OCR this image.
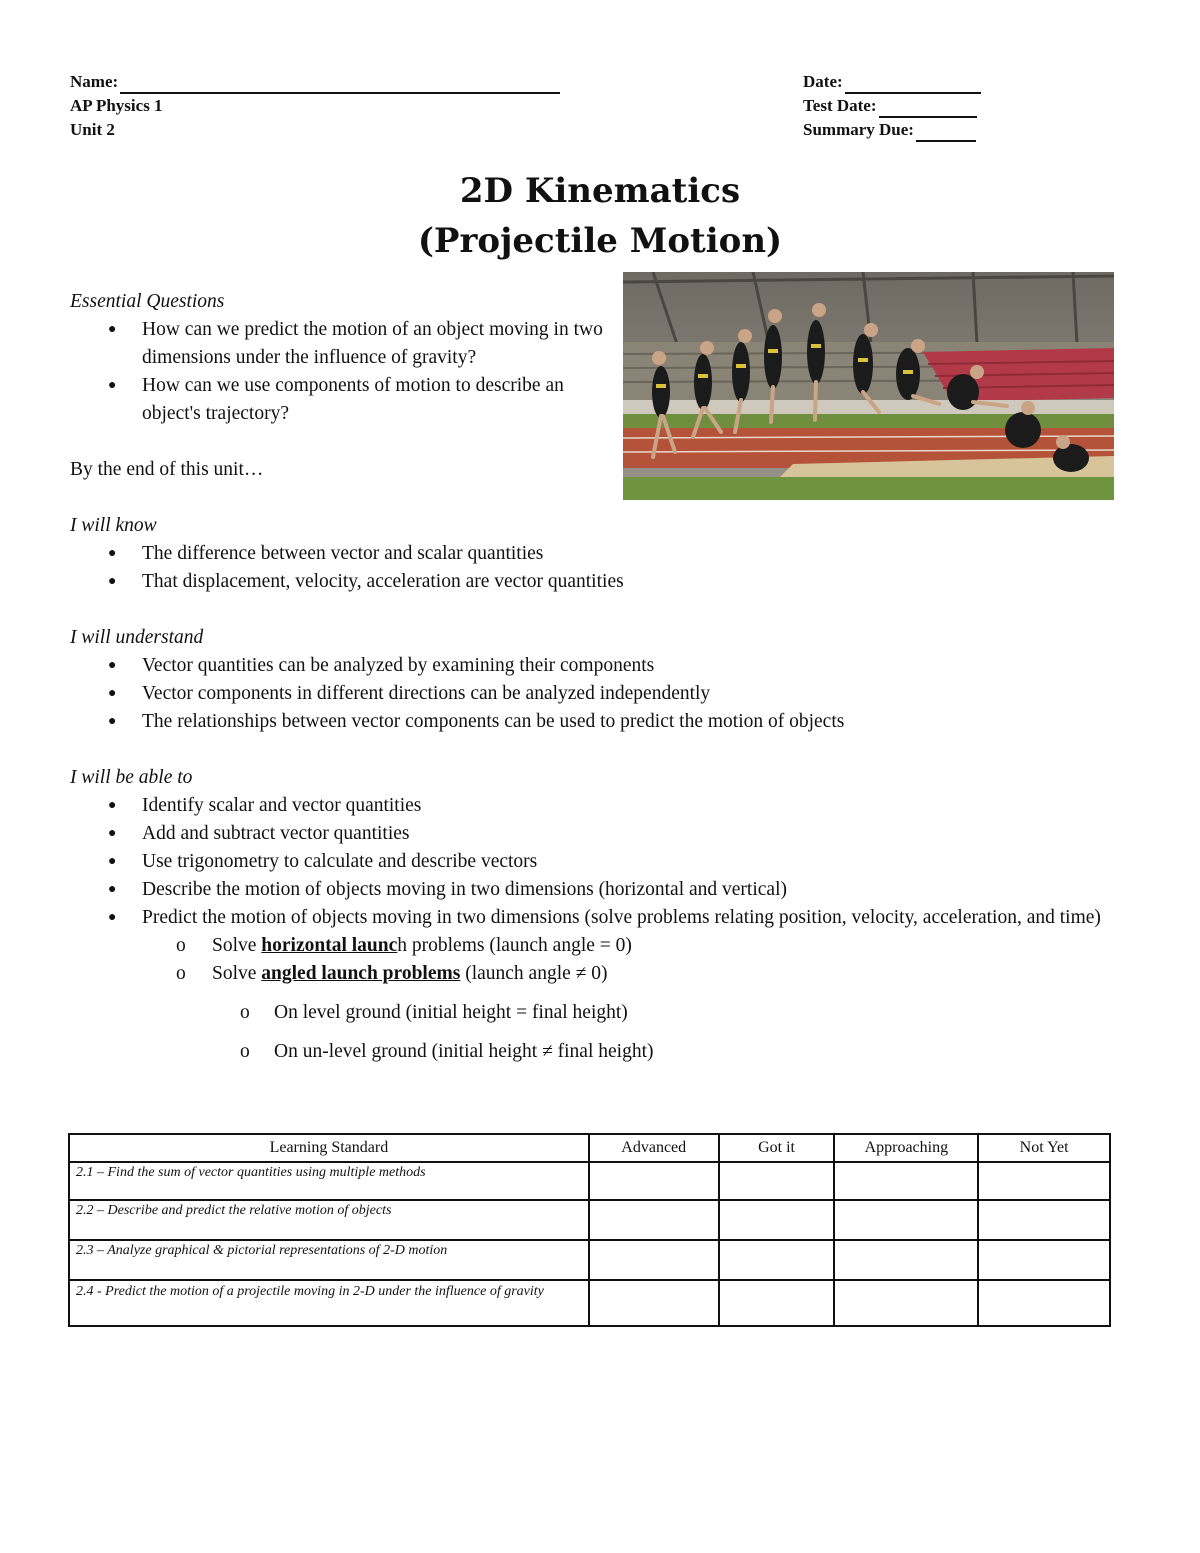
Name:
AP Physics 1
Unit 2
Date:
Test Date:
Summary Due:
2D Kinematics
(Projectile Motion)
Essential Questions
● How can we predict the motion of an object moving in two dimensions under the influence of gravity?
● How can we use components of motion to describe an object's trajectory?
By the end of this unit…
I will know
● The difference between vector and scalar quantities
● That displacement, velocity, acceleration are vector quantities
I will understand
● Vector quantities can be analyzed by examining their components
● Vector components in different directions can be analyzed independently
● The relationships between vector components can be used to predict the motion of objects
I will be able to
● Identify scalar and vector quantities
● Add and subtract vector quantities
● Use trigonometry to calculate and describe vectors
● Describe the motion of objects moving in two dimensions (horizontal and vertical)
● Predict the motion of objects moving in two dimensions (solve problems relating position, velocity, acceleration, and time)
o Solve horizontal launch problems (launch angle = 0)
o Solve angled launch problems (launch angle ≠ 0)
o On level ground (initial height = final height)
o On un-level ground (initial height ≠ final height)
Learning Standard	Advanced	Got it	Approaching	Not Yet
2.1 – Find the sum of vector quantities using multiple methods				
2.2 – Describe and predict the relative motion of objects				
2.3 – Analyze graphical & pictorial representations of 2-D motion				
2.4 - Predict the motion of a projectile moving in 2-D under the influence of gravity				
